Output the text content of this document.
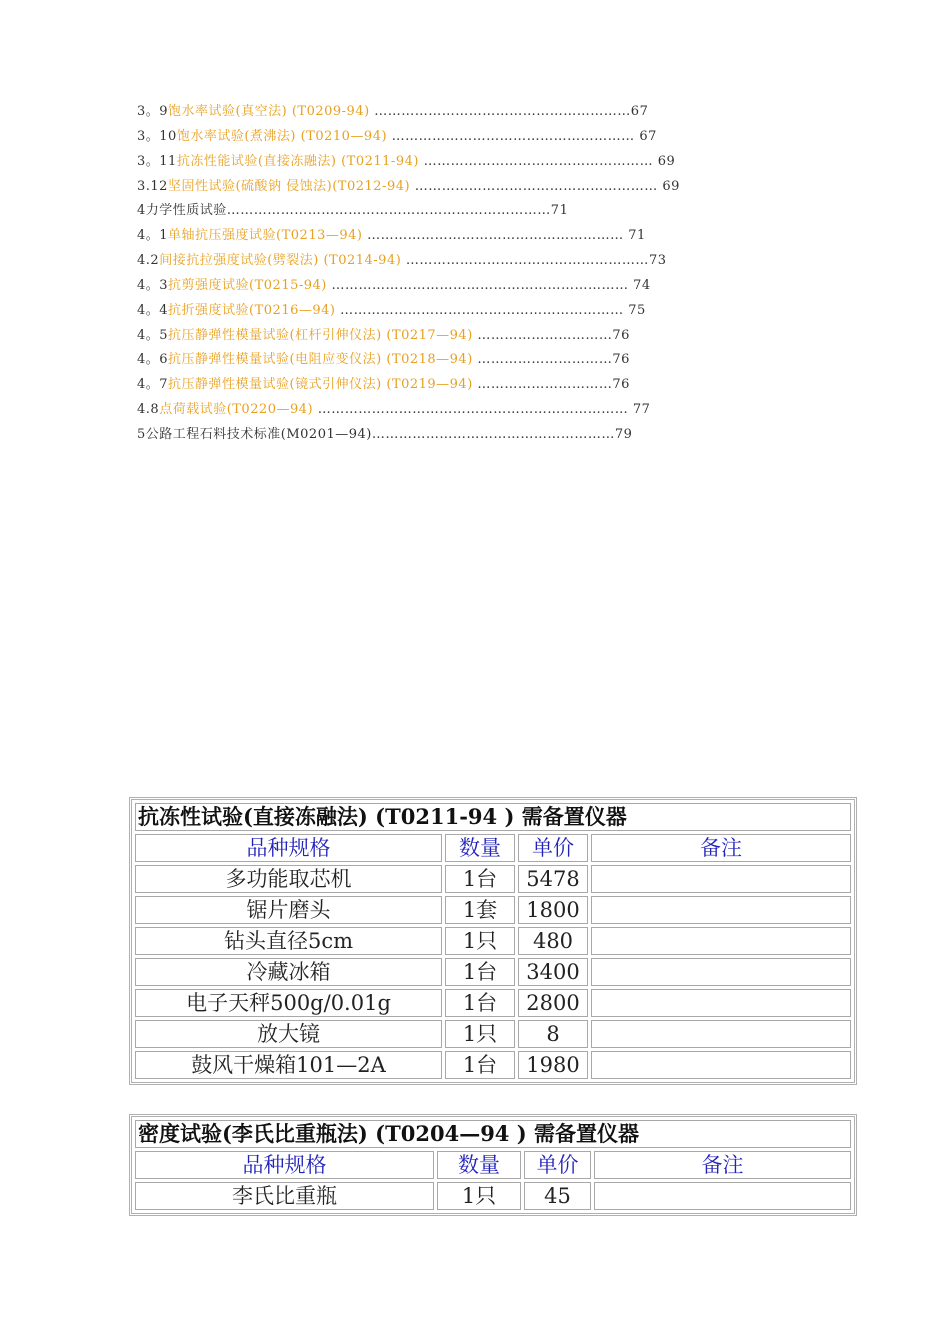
3。9饱水率试验(真空法) (T0209-94) …………………………………………………67
3。10饱水率试验(煮沸法) (T0210—94) ……………………………………………… 67
3。11抗冻性能试验(直接冻融法) (T0211-94) …………………………………………… 69
3.12坚固性试验(硫酸钠 侵蚀法)(T0212-94) ……………………………………………… 69
4力学性质试验………………………………………………………………71
4。1单轴抗压强度试验(T0213—94) ………………………………………………… 71
4.2间接抗拉强度试验(劈裂法) (T0214-94) ………………………………………………73
4。3抗剪强度试验(T0215-94) ………………………………………………………… 74
4。4抗折强度试验(T0216—94) ……………………………………………………… 75
4。5抗压静弹性模量试验(杠杆引伸仪法) (T0217—94) …………………………76
4。6抗压静弹性模量试验(电阻应变仪法) (T0218—94) …………………………76
4。7抗压静弹性模量试验(镜式引伸仪法) (T0219—94) …………………………76
4.8点荷载试验(T0220—94) …………………………………………………………… 77
5公路工程石料技术标准(M0201—94)………………………………………………79
抗冻性试验(直接冻融法) (T0211-94 ) 需备置仪器			
品种规格	数量	单价	备注
多功能取芯机	1台	5478	
锯片磨头	1套	1800	
钻头直径5cm	1只	480	
冷藏冰箱	1台	3400	
电子天秤500g/0.01g	1台	2800	
放大镜	1只	8	
鼓风干燥箱101—2A	1台	1980	
密度试验(李氏比重瓶法) (T0204—94 ) 需备置仪器			
品种规格	数量	单价	备注
李氏比重瓶	1只	45	
